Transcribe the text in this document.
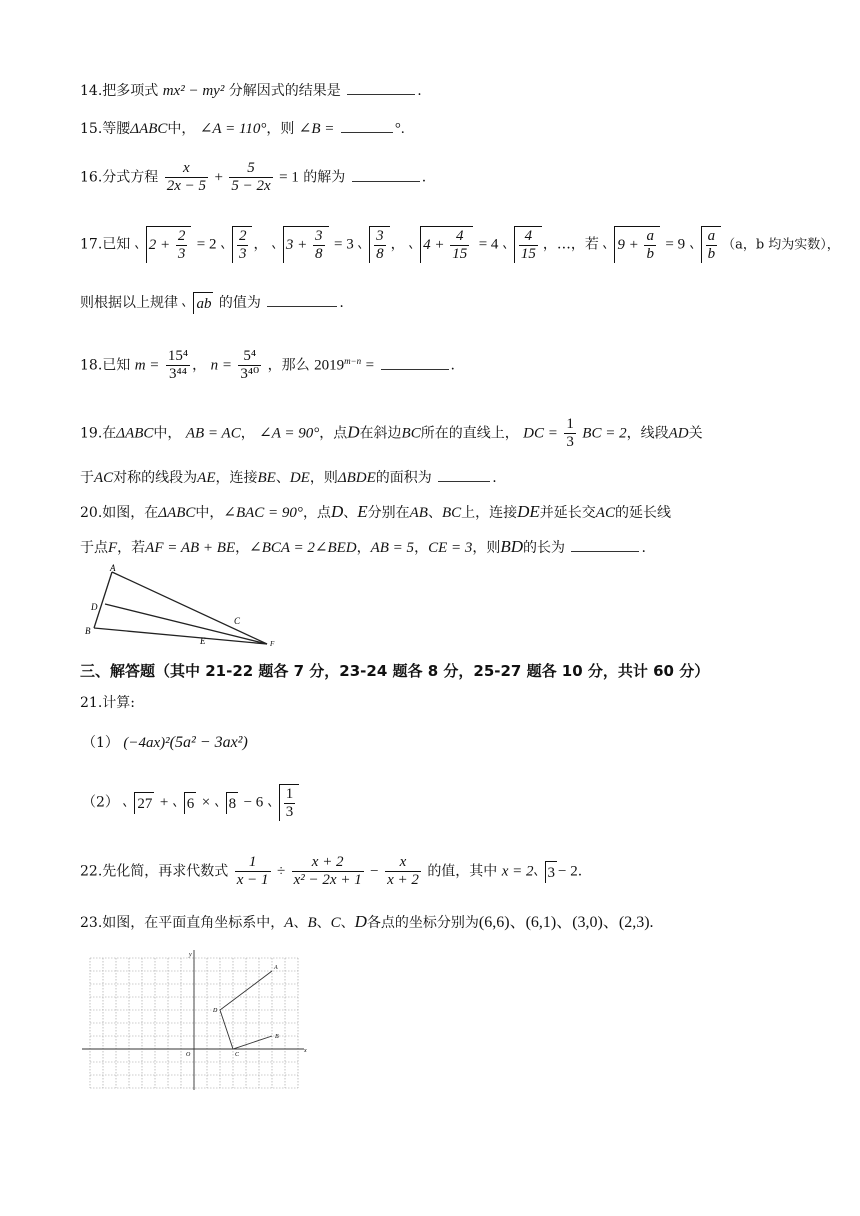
14.把多项式 mx² − my² 分解因式的结果是	.
15.等腰ΔABC中， ∠A = 110°，则 ∠B =	°.
16.分式方程 $\frac{x}{2x - 5} + \frac{5}{5 - 2x} = 1$ 的解为	.
17.已知 $2 + \frac{2}{3} = 2 \frac{2}{3}$ ， $3 + \frac{3}{8} = 3 \frac{3}{8}$ ， $4 + \frac{4}{15} = 4 \frac{4}{15}$ ，…，若 $9 + \frac{a}{b} = 9 \frac{a}{b} (a$，b 均为实数），
则根据以上规律 ab 的值为	.
18.已知 $m = \frac{\text{15⁴}}{\text{3⁴⁴}}$ ， $n = \frac{\text{5⁴}}{\text{3⁴⁰}}$ ，那么 $2019^{m-n}$ =	.
19.在ΔABC中， AB = AC， ∠A = 90°，点D在斜边BC所在的直线上， DC = $\frac{1}{3}$ BC = 2，线段AD关
于AC对称的线段为AE，连接BE、DE，则ΔBDE的面积为	.
20.如图，在ΔABC中，∠BAC = 90°，点D、E分别在AB、BC上，连接DE并延长交AC的延长线
于点F，若AF = AB + BE，∠BCA = 2∠BED，AB = 5，CE = 3，则BD的长为	.
A
D
B
C
E	F
三、解答题（其中 21-22 题各 7 分，23-24 题各 8 分，25-27 题各 10 分，共计 60 分）
21.计算:
（1） (−4ax)²(5a² − 3ax²)
（2） $27 + 6 \times 8 - 6 \frac{1}{3}$
22.先化简，再求代数式 $\frac{1}{x - 1} \div \frac{x + 2}{\text{x² − 2x + 1}} - \frac{x}{x + 2}$ 的值，其中 x = 2 3 − 2.
23.如图，在平面直角坐标系中，A、B、C、D各点的坐标分别为(6,6)、(6,1)、(3,0)、(2,3).
x
y
O
A
B
C
D
